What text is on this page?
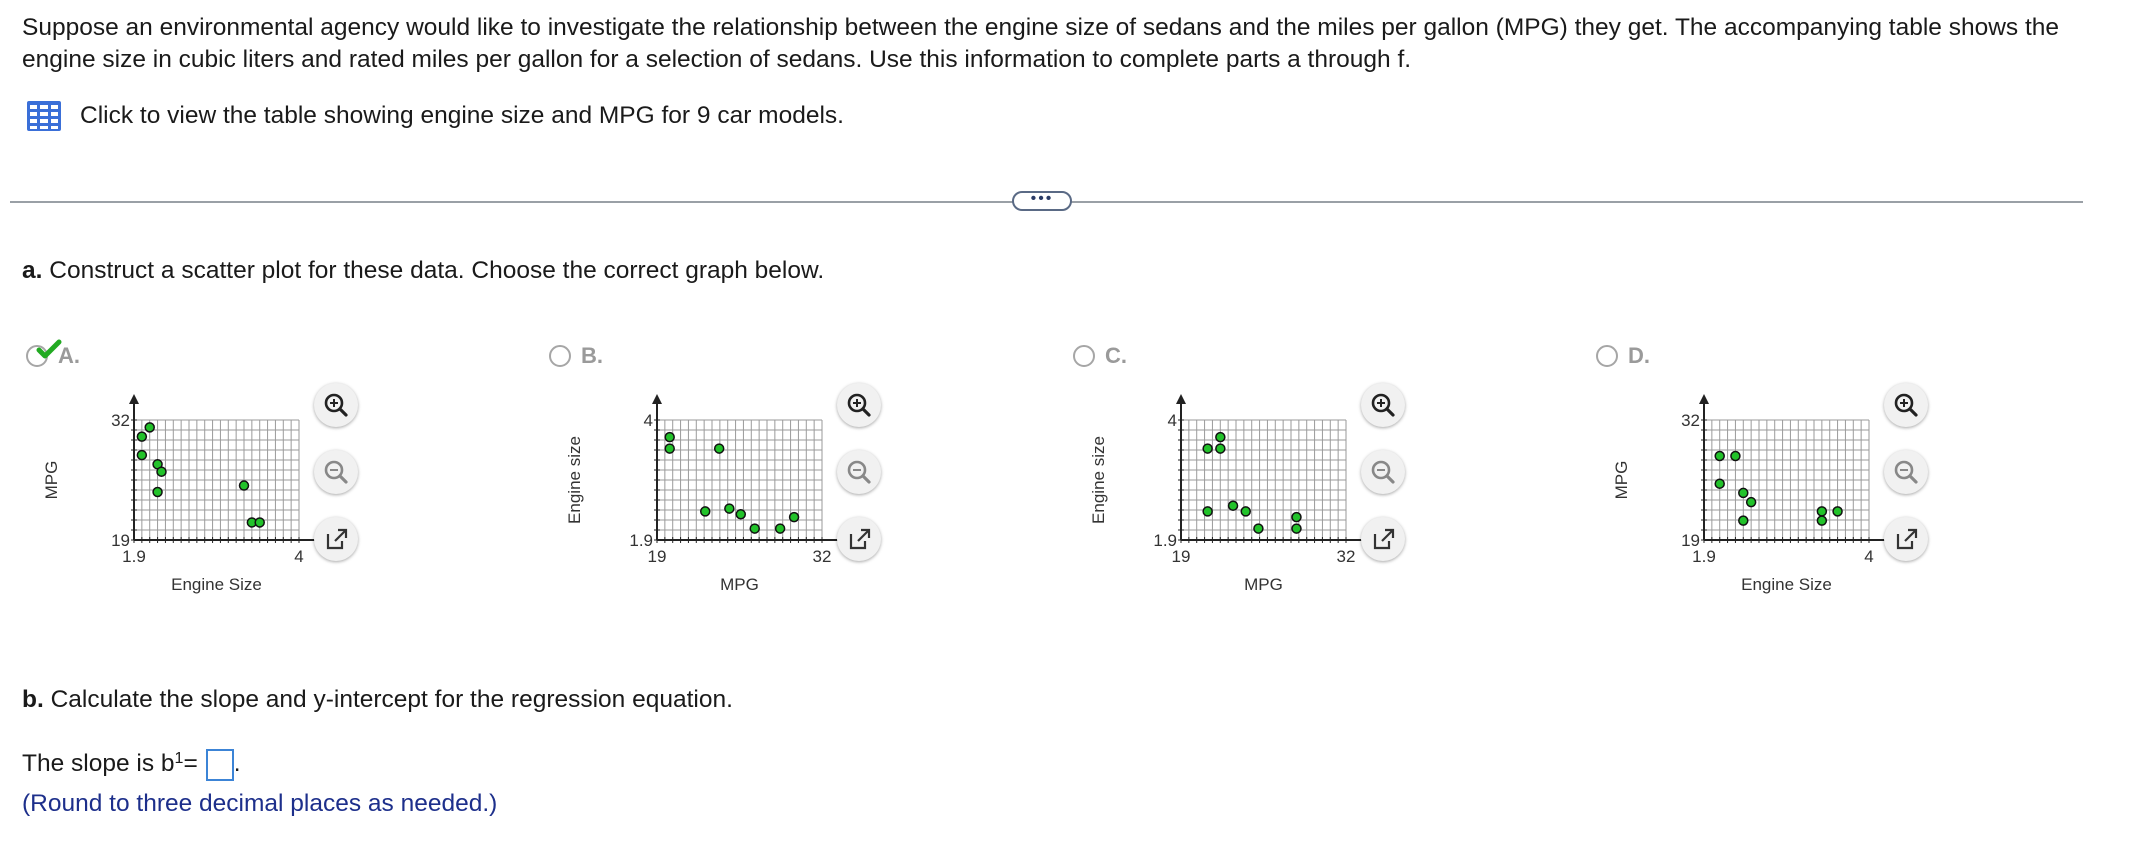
Suppose an environmental agency would like to investigate the relationship between the engine size of sedans and the miles per gallon (MPG) they get. The accompanying table shows the engine size in cubic liters and rated miles per gallon for a selection of sedans. Use this information to complete parts a through f.
Click to view the table showing engine size and MPG for 9 car models.
•••
a. Construct a scatter plot for these data. Choose the correct graph below.
A.
1.9	4
19
32
Engine Size
MPG
B.
19	32
1.9
4
MPG
Engine size
C.
19	32
1.9
4
MPG
Engine size
D.
1.9	4
19
32
Engine Size
MPG
b. Calculate the slope and y-intercept for the regression equation.
The slope is $b^1$ = .
(Round to three decimal places as needed.)
